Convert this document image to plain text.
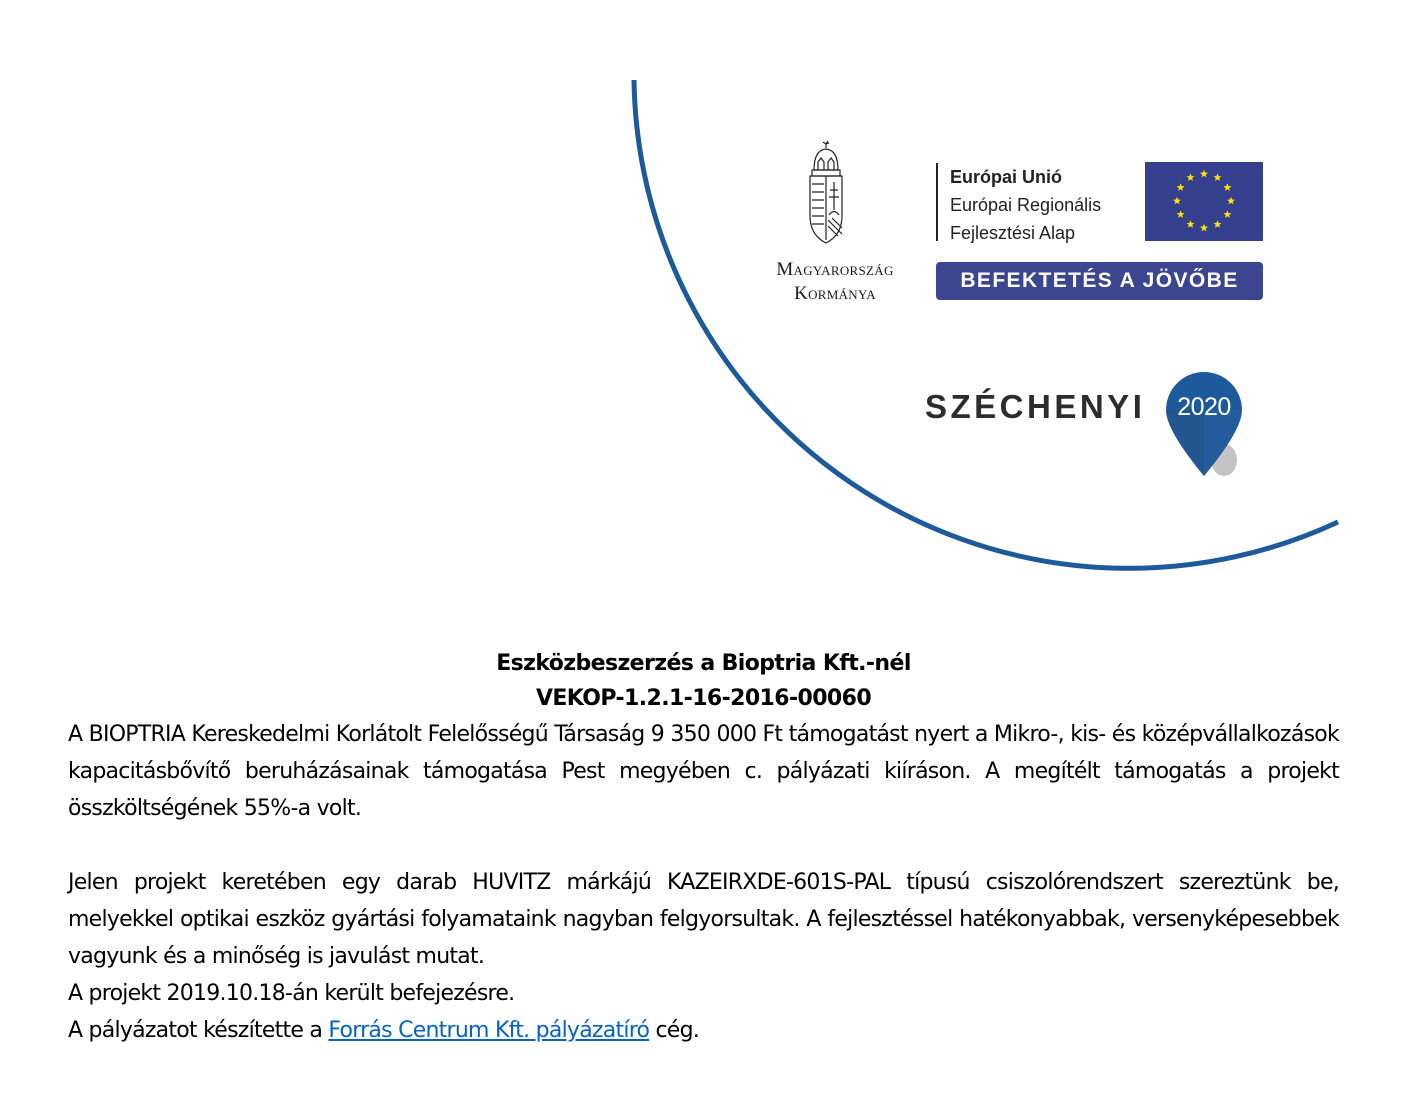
Magyarország
Kormánya
Európai Unió
Európai Regionális
Fejlesztési Alap
BEFEKTETÉS A JÖVŐBE
SZÉCHENYI	2020
Eszközbeszerzés a Bioptria Kft.-nél
VEKOP-1.2.1-16-2016-00060

A BIOPTRIA Kereskedelmi Korlátolt Felelősségű Társaság 9 350 000 Ft támogatást nyert a Mikro-, kis- és középvállalkozások kapacitásbővítő beruházásainak támogatása Pest megyében c. pályázati kiíráson. A megítélt támogatás a projekt összköltségének 55%-a volt.

Jelen projekt keretében egy darab HUVITZ márkájú KAZEIRXDE-601S-PAL típusú csiszolórendszert szereztünk be, melyekkel optikai eszköz gyártási folyamataink nagyban felgyorsultak. A fejlesztéssel hatékonyabbak, versenyképesebbek vagyunk és a minőség is javulást mutat.

A projekt 2019.10.18-án került befejezésre.

A pályázatot készítette a Forrás Centrum Kft. pályázatíró cég.
